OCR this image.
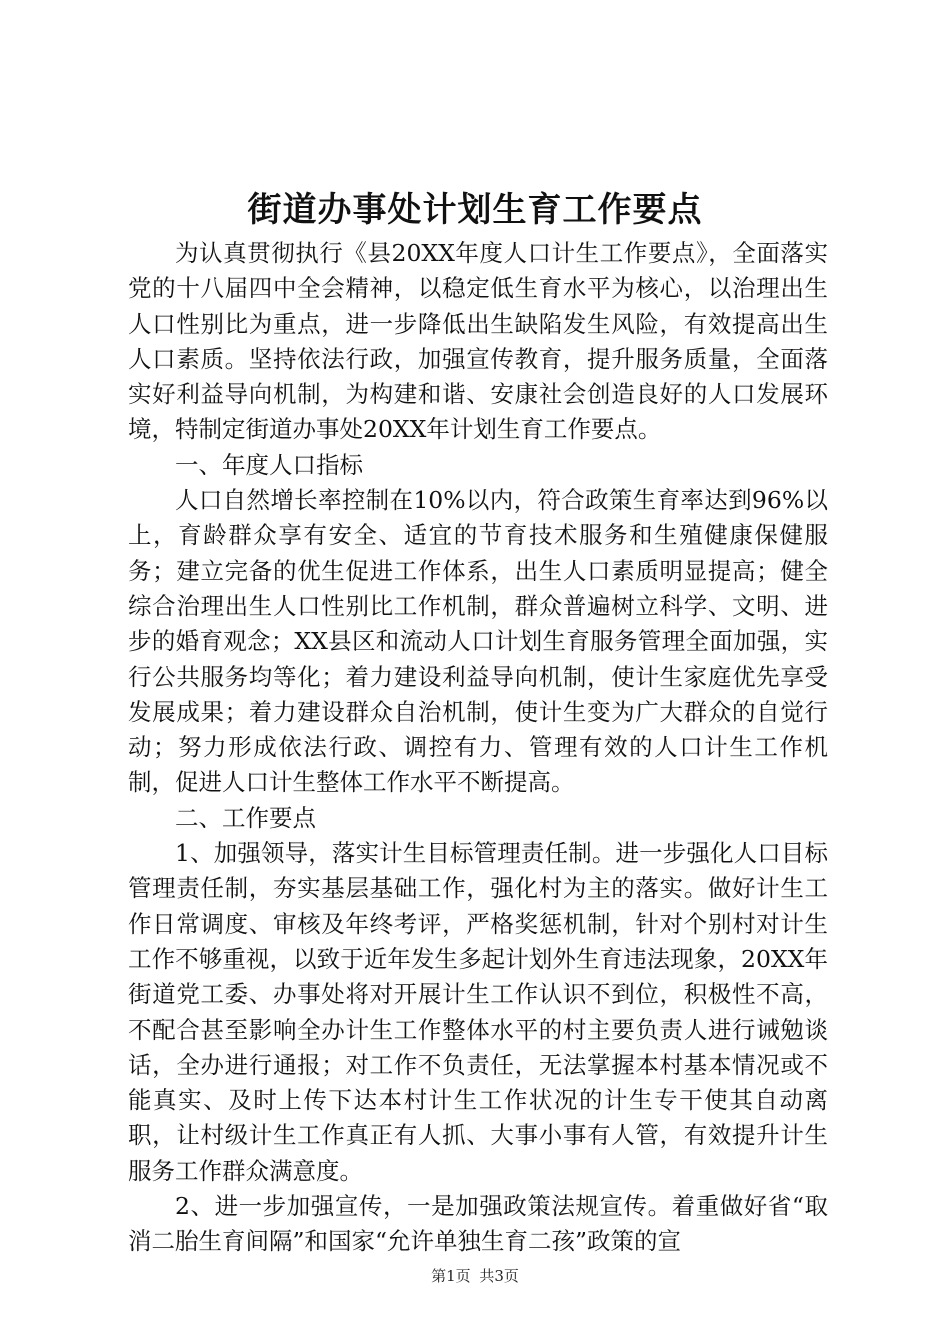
街道办事处计划生育工作要点

为认真贯彻执行《县20XX年度人口计生工作要点》，全面落实党的十八届四中全会精神，以稳定低生育水平为核心，以治理出生人口性别比为重点，进一步降低出生缺陷发生风险，有效提高出生人口素质。坚持依法行政，加强宣传教育，提升服务质量，全面落实好利益导向机制，为构建和谐、安康社会创造良好的人口发展环境，特制定街道办事处20XX年计划生育工作要点。

一、年度人口指标

人口自然增长率控制在10%以内，符合政策生育率达到96%以上，育龄群众享有安全、适宜的节育技术服务和生殖健康保健服务；建立完备的优生促进工作体系，出生人口素质明显提高；健全综合治理出生人口性别比工作机制，群众普遍树立科学、文明、进步的婚育观念；XX县区和流动人口计划生育服务管理全面加强，实行公共服务均等化；着力建设利益导向机制，使计生家庭优先享受发展成果；着力建设群众自治机制，使计生变为广大群众的自觉行动；努力形成依法行政、调控有力、管理有效的人口计生工作机制，促进人口计生整体工作水平不断提高。

二、工作要点

1、加强领导，落实计生目标管理责任制。进一步强化人口目标管理责任制，夯实基层基础工作，强化村为主的落实。做好计生工作日常调度、审核及年终考评，严格奖惩机制，针对个别村对计生工作不够重视，以致于近年发生多起计划外生育违法现象，20XX年街道党工委、办事处将对开展计生工作认识不到位，积极性不高，不配合甚至影响全办计生工作整体水平的村主要负责人进行诫勉谈话，全办进行通报；对工作不负责任，无法掌握本村基本情况或不能真实、及时上传下达本村计生工作状况的计生专干使其自动离职，让村级计生工作真正有人抓、大事小事有人管，有效提升计生服务工作群众满意度。

2、进一步加强宣传，一是加强政策法规宣传。着重做好省“取消二胎生育间隔”和国家“允许单独生育二孩”政策的宣

第1页 共3页
